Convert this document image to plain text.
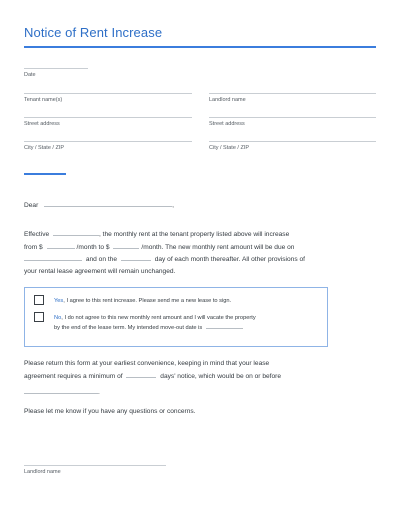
Notice of Rent Increase
Date
Tenant name(s)	Landlord name
Street address	Street address
City / State / ZIP	City / State / ZIP
Dear	,
Effective	, the monthly rent at the tenant property listed above will increase
from $	/month to $	/month. The new monthly rent amount will be due on
and on the	day of each month thereafter. All other provisions of
your rental lease agreement will remain unchanged.
Yes, I agree to this rent increase. Please send me a new lease to sign.
No, I do not agree to this new monthly rent amount and I will vacate the property
by the end of the lease term. My intended move-out date is	.
Please return this form at your earliest convenience, keeping in mind that your lease
agreement requires a minimum of	days' notice, which would be on or before
.
Please let me know if you have any questions or concerns.
Landlord name
